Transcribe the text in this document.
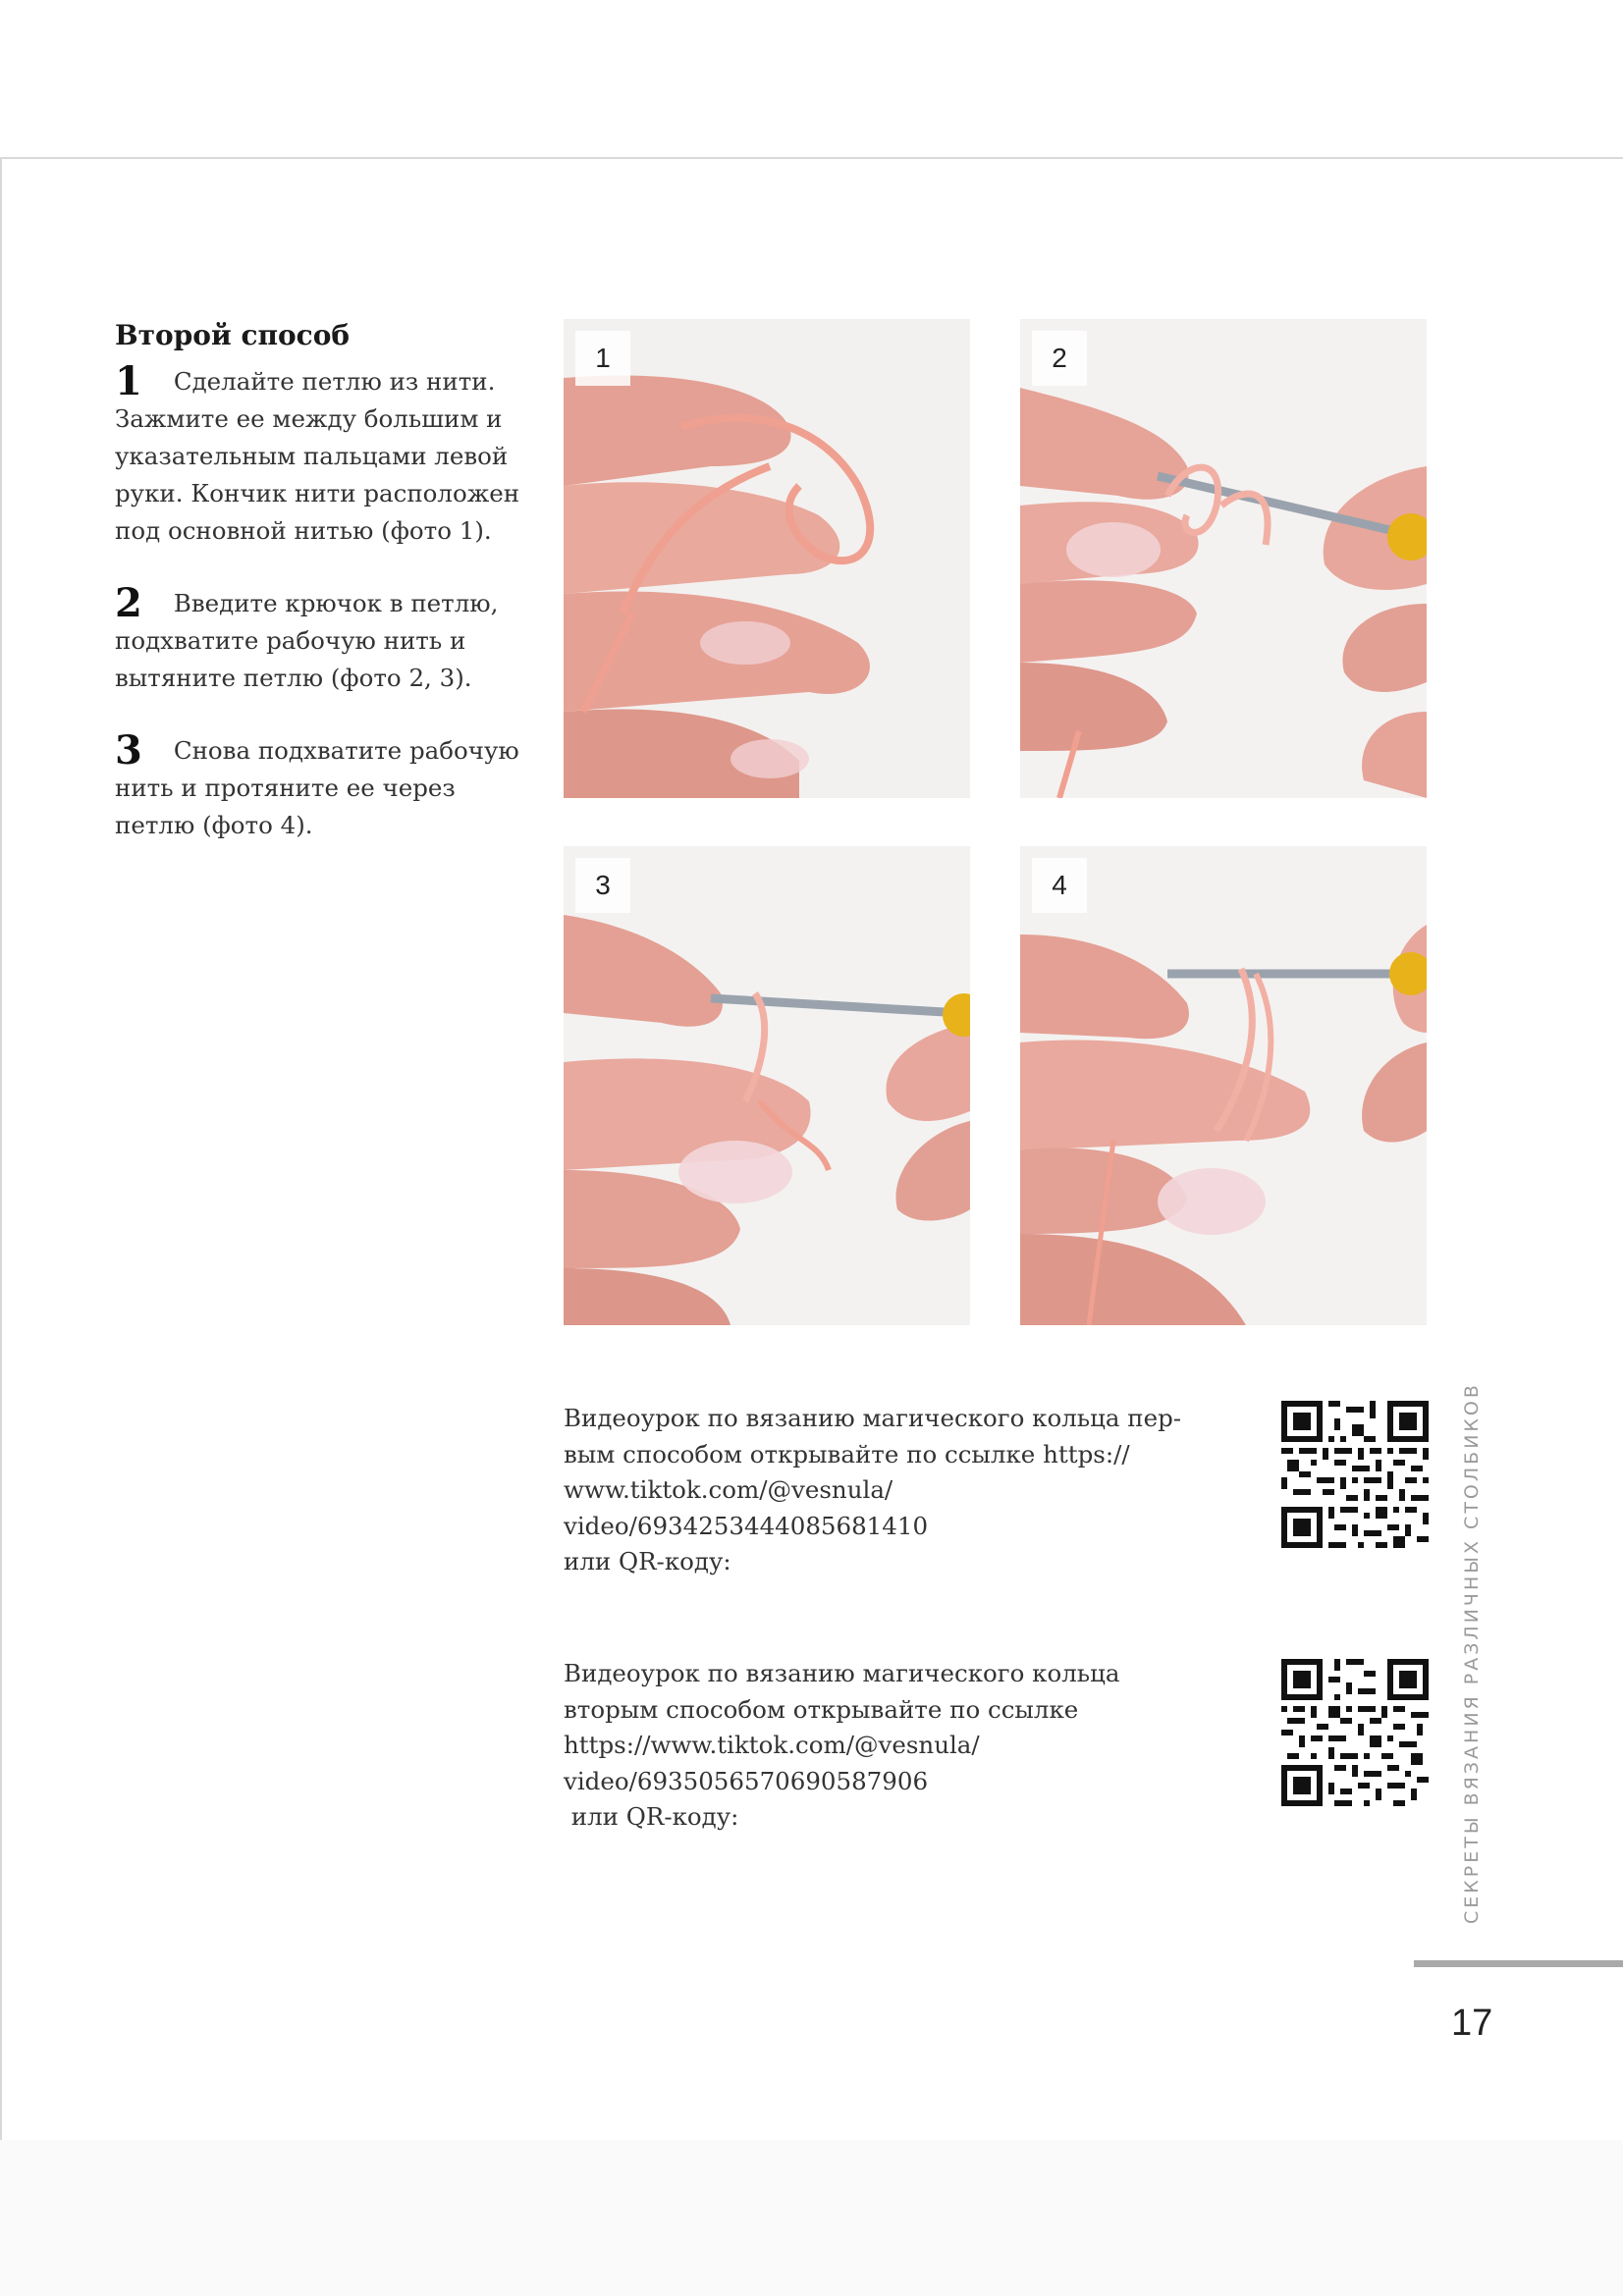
Второй способ
1 Сделайте петлю из нити. Зажмите ее между большим и указательным пальцами левой руки. Кончик нити расположен под основной нитью (фото 1).
2 Введите крючок в петлю, подхватите рабочую нить и вытяните петлю (фото 2, 3).
3 Снова подхватите рабочую нить и протяните ее через петлю (фото 4).
1	2
3	4
Видеоурок по вязанию магического кольца пер-
вым способом открывайте по ссылке https://
www.tiktok.com/@vesnula/
video/6934253444085681410
или QR-коду:
Видеоурок по вязанию магического кольца
вторым способом открывайте по ссылке
https://www.tiktok.com/@vesnula/
video/6935056570690587906
или QR-коду:	СЕКРЕТЫ ВЯЗАНИЯ РАЗЛИЧНЫХ СТОЛБИКОВ
17
